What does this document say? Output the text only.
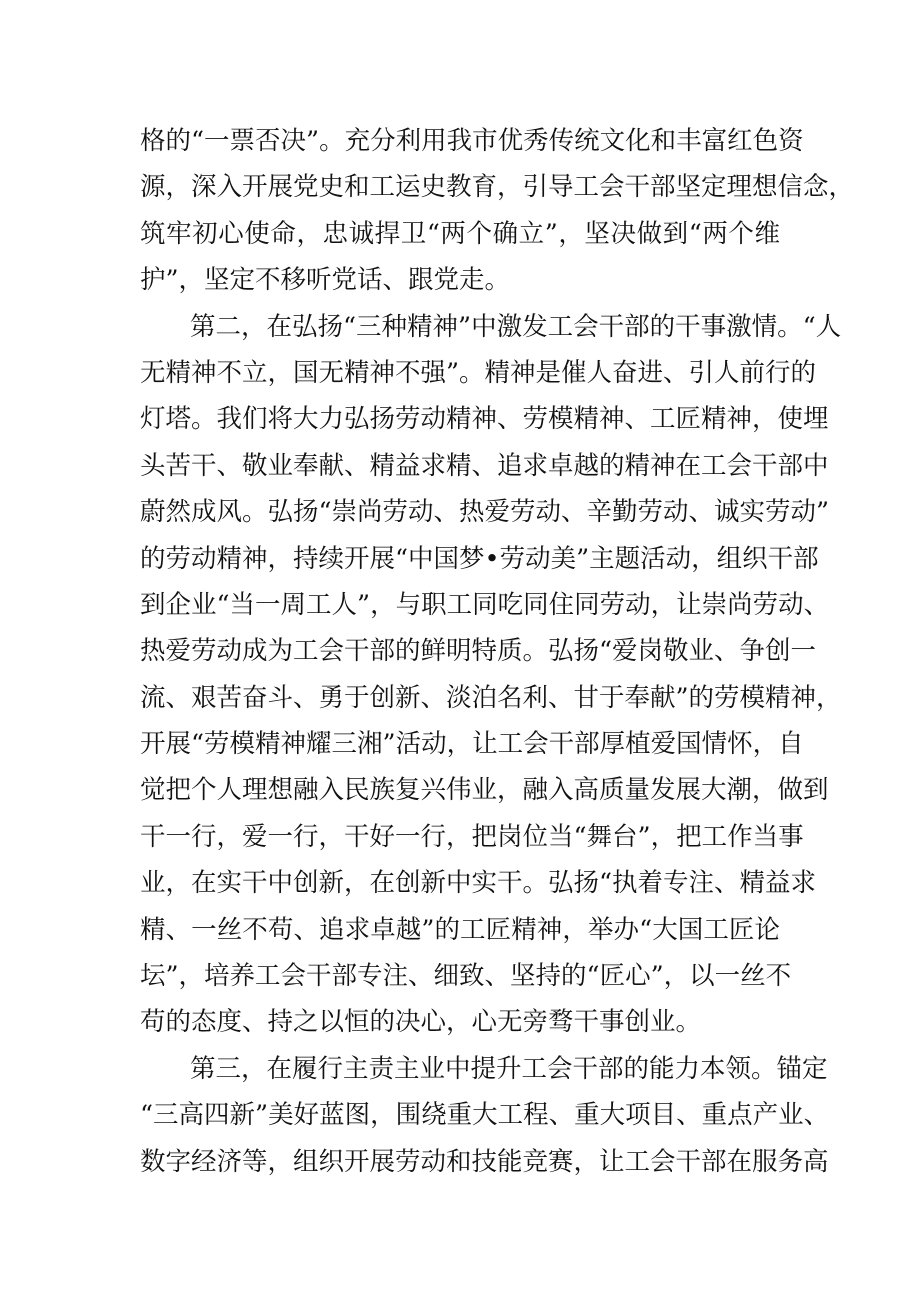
格的“一票否决”。充分利用我市优秀传统文化和丰富红色资
源，深入开展党史和工运史教育，引导工会干部坚定理想信念，
筑牢初心使命，忠诚捍卫“两个确立”，坚决做到“两个维
护”，坚定不移听党话、跟党走。
第二，在弘扬“三种精神”中激发工会干部的干事激情。“人
无精神不立，国无精神不强”。精神是催人奋进、引人前行的
灯塔。我们将大力弘扬劳动精神、劳模精神、工匠精神，使埋
头苦干、敬业奉献、精益求精、追求卓越的精神在工会干部中
蔚然成风。弘扬“崇尚劳动、热爱劳动、辛勤劳动、诚实劳动”
的劳动精神，持续开展“中国梦•劳动美”主题活动，组织干部
到企业“当一周工人”，与职工同吃同住同劳动，让崇尚劳动、
热爱劳动成为工会干部的鲜明特质。弘扬“爱岗敬业、争创一
流、艰苦奋斗、勇于创新、淡泊名利、甘于奉献”的劳模精神，
开展“劳模精神耀三湘”活动，让工会干部厚植爱国情怀，自
觉把个人理想融入民族复兴伟业，融入高质量发展大潮，做到
干一行，爱一行，干好一行，把岗位当“舞台”，把工作当事
业，在实干中创新，在创新中实干。弘扬“执着专注、精益求
精、一丝不苟、追求卓越”的工匠精神，举办“大国工匠论
坛”，培养工会干部专注、细致、坚持的“匠心”，以一丝不
苟的态度、持之以恒的决心，心无旁骛干事创业。
第三，在履行主责主业中提升工会干部的能力本领。锚定
“三高四新”美好蓝图，围绕重大工程、重大项目、重点产业、
数字经济等，组织开展劳动和技能竞赛，让工会干部在服务高
